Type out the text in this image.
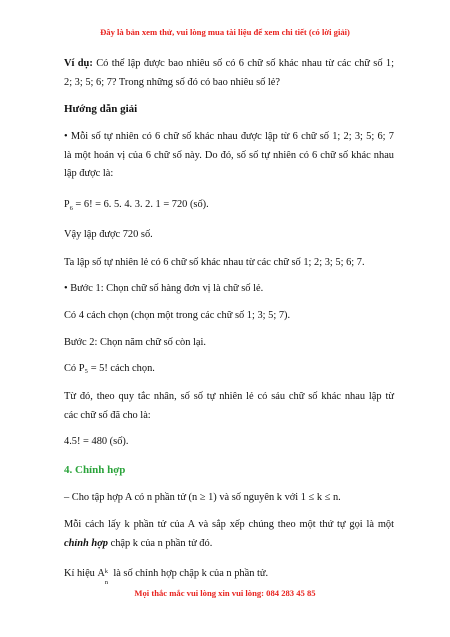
Đây là bản xem thử, vui lòng mua tài liệu để xem chi tiết (có lời giải)
Ví dụ: Có thể lập được bao nhiêu số có 6 chữ số khác nhau từ các chữ số 1;
2; 3; 5; 6; 7? Trong những số đó có bao nhiêu số lẻ?
Hướng dẫn giải
• Mỗi số tự nhiên có 6 chữ số khác nhau được lập từ 6 chữ số 1; 2; 3; 5; 6; 7
là một hoán vị của 6 chữ số này. Do đó, số số tự nhiên có 6 chữ số khác nhau
lập được là:
$P_6 = 6$! = 6. 5. 4. 3. 2. 1 = 720 (số).
Vậy lập được 720 số.
Ta lập số tự nhiên lẻ có 6 chữ số khác nhau từ các chữ số 1; 2; 3; 5; 6; 7.
• Bước 1: Chọn chữ số hàng đơn vị là chữ số lẻ.
Có 4 cách chọn (chọn một trong các chữ số 1; 3; 5; 7).
Bước 2: Chọn năm chữ số còn lại.
Có P₅ = 5! cách chọn.
Từ đó, theo quy tắc nhân, số số tự nhiên lẻ có sáu chữ số khác nhau lập từ
các chữ số đã cho là:
4.5! = 480 (số).
4. Chỉnh hợp
– Cho tập hợp A có n phần tử (n ≥ 1) và số nguyên k với 1 ≤ k ≤ n.
Mỗi cách lấy k phần tử của A và sắp xếp chúng theo một thứ tự gọi là một
chỉnh hợp chập k của n phần tử đó.
Kí hiệu A k
n
là số chỉnh hợp chập k của n phần tử.
Mọi thắc mắc vui lòng xin vui lòng: 084 283 45 85
